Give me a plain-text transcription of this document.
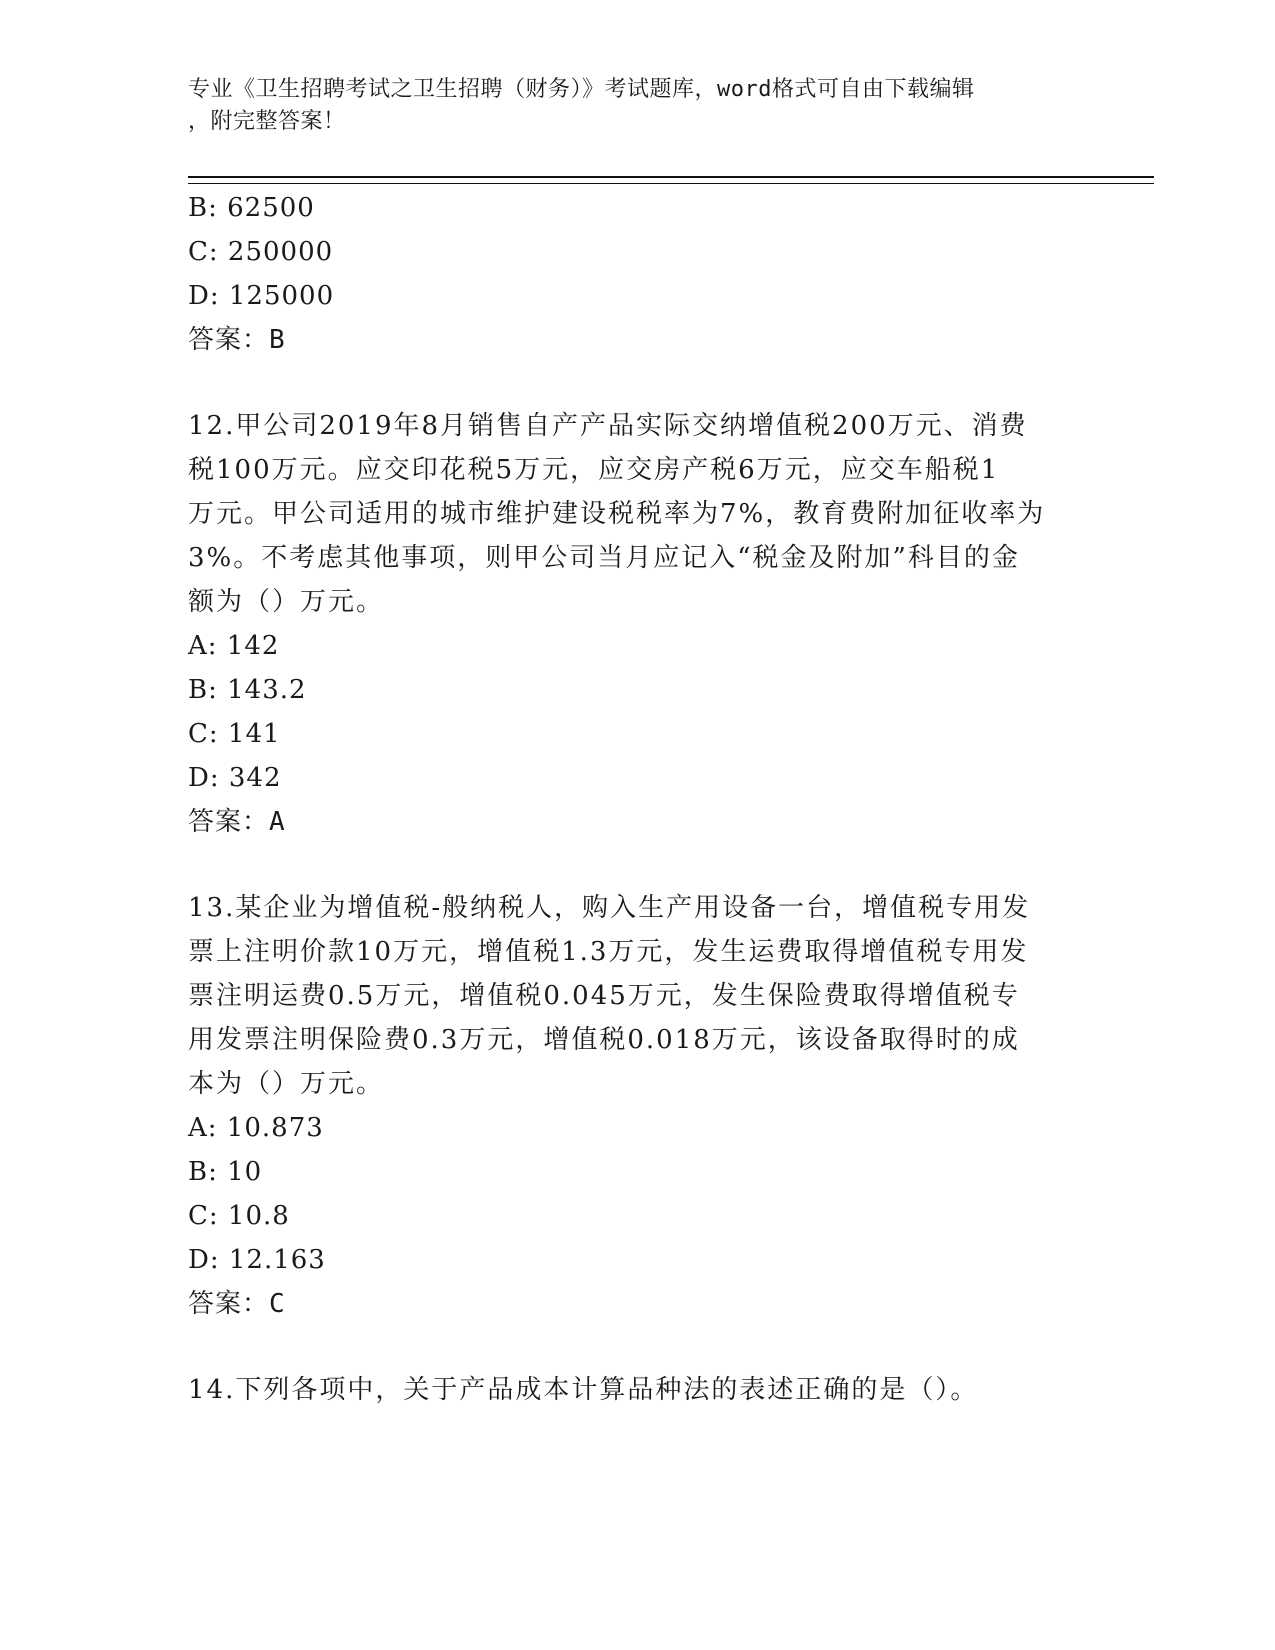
专业《卫生招聘考试之卫生招聘（财务）》考试题库，word格式可自由下载编辑
，附完整答案！
B: 62500
C: 250000
D: 125000
答案：B
12.甲公司2019年8月销售自产产品实际交纳增值税200万元、消费
税100万元。应交印花税5万元，应交房产税6万元，应交车船税1
万元。甲公司适用的城市维护建设税税率为7%，教育费附加征收率为
3%。不考虑其他事项，则甲公司当月应记入“税金及附加”科目的金
额为（）万元。
A: 142
B: 143.2
C: 141
D: 342
答案：A
13.某企业为增值税-般纳税人，购入生产用设备一台，增值税专用发
票上注明价款10万元，增值税1.3万元，发生运费取得增值税专用发
票注明运费0.5万元，增值税0.045万元，发生保险费取得增值税专
用发票注明保险费0.3万元，增值税0.018万元，该设备取得时的成
本为（）万元。
A: 10.873
B: 10
C: 10.8
D: 12.163
答案：C
14.下列各项中，关于产品成本计算品种法的表述正确的是（）。
